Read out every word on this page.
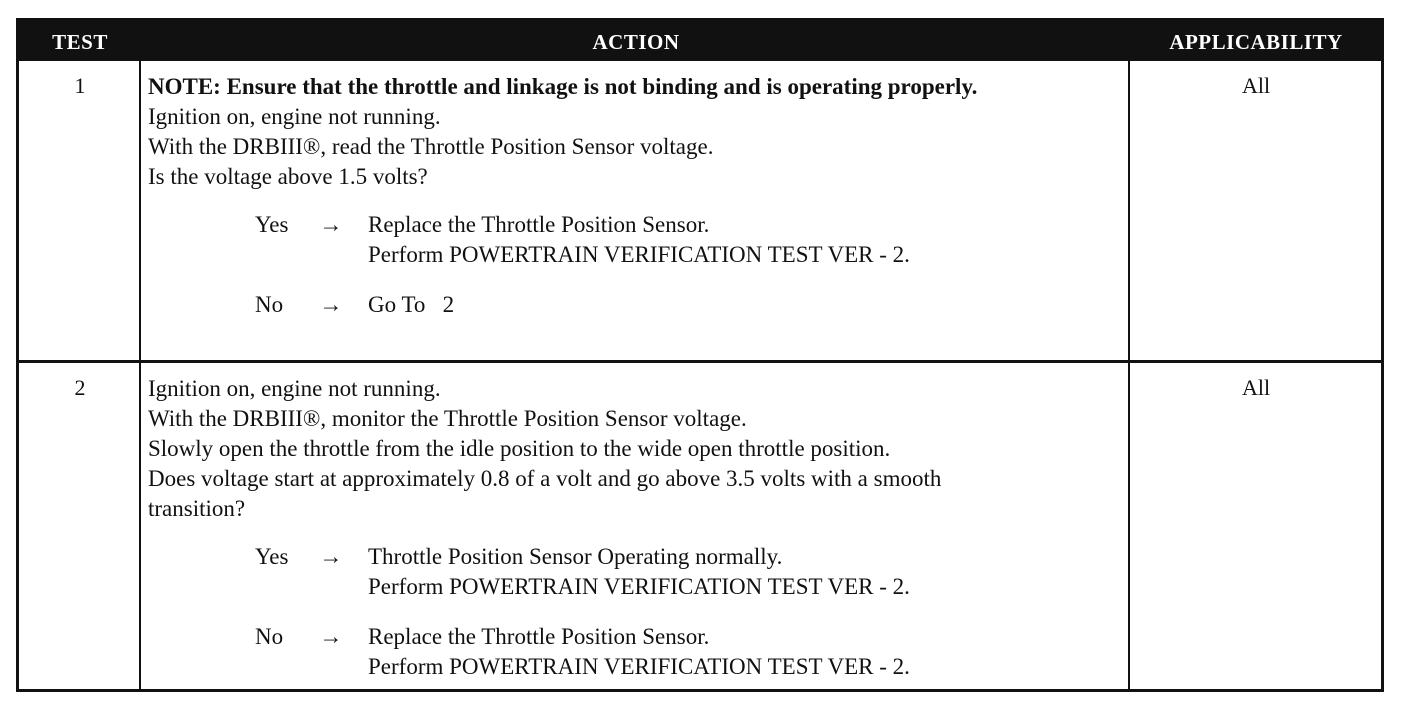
TEST	ACTION	APPLICABILITY
1	NOTE: Ensure that the throttle and linkage is not binding and is operating properly.
Ignition on, engine not running.
With the DRBIII®, read the Throttle Position Sensor voltage.
Is the voltage above 1.5 volts?
Yes	→ Replace the Throttle Position Sensor.
Perform POWERTRAIN VERIFICATION TEST VER - 2.
No	→ Go To   2
All
2	Ignition on, engine not running.
With the DRBIII®, monitor the Throttle Position Sensor voltage.
Slowly open the throttle from the idle position to the wide open throttle position.
Does voltage start at approximately 0.8 of a volt and go above 3.5 volts with a smooth
transition?
Yes	→ Throttle Position Sensor Operating normally.
Perform POWERTRAIN VERIFICATION TEST VER - 2.
No	→ Replace the Throttle Position Sensor.
Perform POWERTRAIN VERIFICATION TEST VER - 2.
All
